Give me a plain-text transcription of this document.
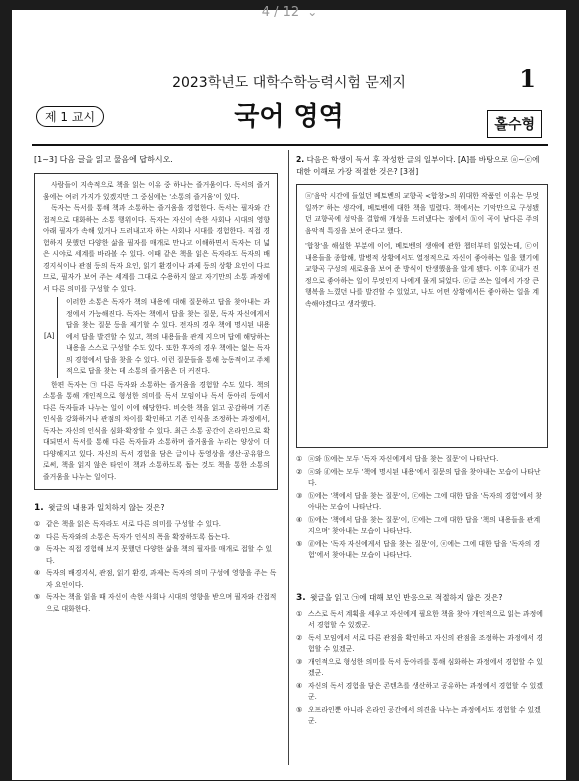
4 / 12 ⌄
2023학년도 대학수학능력시험 문제지	1
제 1 교시	국어 영역	홀수형
[1~3] 다음 글을 읽고 물음에 답하시오.

사람들이 지속적으로 책을 읽는 이유 중 하나는 즐거움이다. 독서의 즐거움에는 여러 가지가 있겠지만 그 중심에는 '소통의 즐거움'이 있다.

독자는 독서를 통해 책과 소통하는 즐거움을 경험한다. 독서는 필자와 간접적으로 대화하는 소통 행위이다. 독자는 자신이 속한 사회나 시대의 영향 아래 필자가 속해 있거나 드러내고자 하는 사회나 시대를 경험한다. 직접 경험하지 못했던 다양한 삶을 필자를 매개로 만나고 이해하면서 독자는 더 넓은 시야로 세계를 바라볼 수 있다. 이때 같은 책을 읽은 독자라도 독자의 배경지식이나 관점 등의 독자 요인, 읽기 환경이나 과제 등의 상황 요인이 다르므로, 필자가 보여 주는 세계를 그대로 수용하지 않고 자기만의 소통 과정에서 다른 의미를 구성할 수 있다.

[A]
이러한 소통은 독자가 책의 내용에 대해 질문하고 답을 찾아내는 과정에서 가능해진다. 독자는 책에서 답을 찾는 질문, 독자 자신에게서 답을 찾는 질문 등을 제기할 수 있다. 전자의 경우 책에 명시된 내용에서 답을 발견할 수 있고, 책의 내용들을 관계 지으며 답에 해당하는 내용을 스스로 구성할 수도 있다. 또한 후자의 경우 책에는 없는 독자의 경험에서 답을 찾을 수 있다. 이런 질문들을 통해 능동적이고 주체적으로 답을 찾는 데 소통의 즐거움은 더 커진다.

한편 독자는 ㉠ 다른 독자와 소통하는 즐거움을 경험할 수도 있다. 책의 소통을 통해 개인적으로 형성한 의미를 독서 모임이나 독서 동아리 등에서 다른 독자들과 나누는 일이 이에 해당한다. 비슷한 책을 읽고 공감하며 기존 인식을 강화하거나 관점의 차이를 확인하고 기존 인식을 조정하는 과정에서, 독자는 자신의 인식을 심화·확장할 수 있다. 최근 소통 공간이 온라인으로 확대되면서 독서를 통해 다른 독자들과 소통하며 즐거움을 누리는 양상이 더 다양해지고 있다. 자신의 독서 경험을 담은 글이나 동영상을 생산·공유함으로써, 책을 읽지 않은 타인이 책과 소통하도록 돕는 것도 책을 통한 소통의 즐거움을 나누는 일이다.

1. 윗글의 내용과 일치하지 않는 것은?
① 같은 책을 읽은 독자라도 서로 다른 의미를 구성할 수 있다.
② 다른 독자와의 소통은 독자가 인식의 폭을 확장하도록 돕는다.
③ 독자는 직접 경험해 보지 못했던 다양한 삶을 책의 필자를 매개로 접할 수 있다.
④ 독자의 배경지식, 관점, 읽기 환경, 과제는 독자의 의미 구성에 영향을 주는 독자 요인이다.
⑤ 독자는 책을 읽을 때 자신이 속한 사회나 시대의 영향을 받으며 필자와 간접적으로 대화한다.
2. 다음은 학생이 독서 후 작성한 글의 일부이다. [A]를 바탕으로 ⓐ~ⓔ에 대한 이해로 가장 적절한 것은? [3점]

ⓐ'음악 시간에 들었던 베토벤의 교향곡 <합창>의 위대한 작품인 이유는 무엇일까?' 하는 생각에, 베토벤에 대한 책을 빌렸다. 책에서는 기악만으로 구성됐던 교향곡에 성악을 결합해 개성을 드러냈다는 점에서 ⓑ이 곡이 남다른 주의 음악적 특징을 보여 준다고 했다.

'합창'을 해설한 부분에 이어, 베토벤의 생애에 관한 챕터부터 읽었는데, ⓒ이 내용들을 종합해, 발병적 상황에서도 열정적으로 자신이 좋아하는 일을 했기에 교향곡 구성의 새로움을 보여 준 방식이 탄생했음을 알게 됐다. 이후 ⓓ내가 진정으로 좋아하는 일이 무엇인지 나에게 물게 되었다. ⓔ글 쓰는 일에서 가장 큰 행복을 느꼈던 나를 발견할 수 있었고, 나도 어떤 상황에서든 좋아하는 일을 계속해야겠다고 생각했다.

① ⓐ와 ⓑ에는 모두 '독자 자신에게서 답을 찾는 질문'이 나타난다.
② ⓐ와 ⓓ에는 모두 '책에 명시된 내용'에서 질문의 답을 찾아내는 모습이 나타난다.
③ ⓑ에는 '책에서 답을 찾는 질문'이, ⓒ에는 그에 대한 답을 '독자의 경험'에서 찾아내는 모습이 나타난다.
④ ⓑ에는 '책에서 답을 찾는 질문'이, ⓒ에는 그에 대한 답을 '책의 내용들을 관계 지으며' 찾아내는 모습이 나타난다.
⑤ ⓓ에는 '독자 자신에게서 답을 찾는 질문'이, ⓔ에는 그에 대한 답을 '독자의 경험'에서 찾아내는 모습이 나타난다.
3. 윗글을 읽고 ㉠에 대해 보인 반응으로 적절하지 않은 것은?
① 스스로 독서 계획을 세우고 자신에게 필요한 책을 찾아 개인적으로 읽는 과정에서 경험할 수 있겠군.
② 독서 모임에서 서로 다른 관점을 확인하고 자신의 관점을 조정하는 과정에서 경험할 수 있겠군.
③ 개인적으로 형성한 의미를 독서 동아리를 통해 심화하는 과정에서 경험할 수 있겠군.
④ 자신의 독서 경험을 담은 콘텐츠를 생산하고 공유하는 과정에서 경험할 수 있겠군.
⑤ 오프라인뿐 아니라 온라인 공간에서 의견을 나누는 과정에서도 경험할 수 있겠군.
